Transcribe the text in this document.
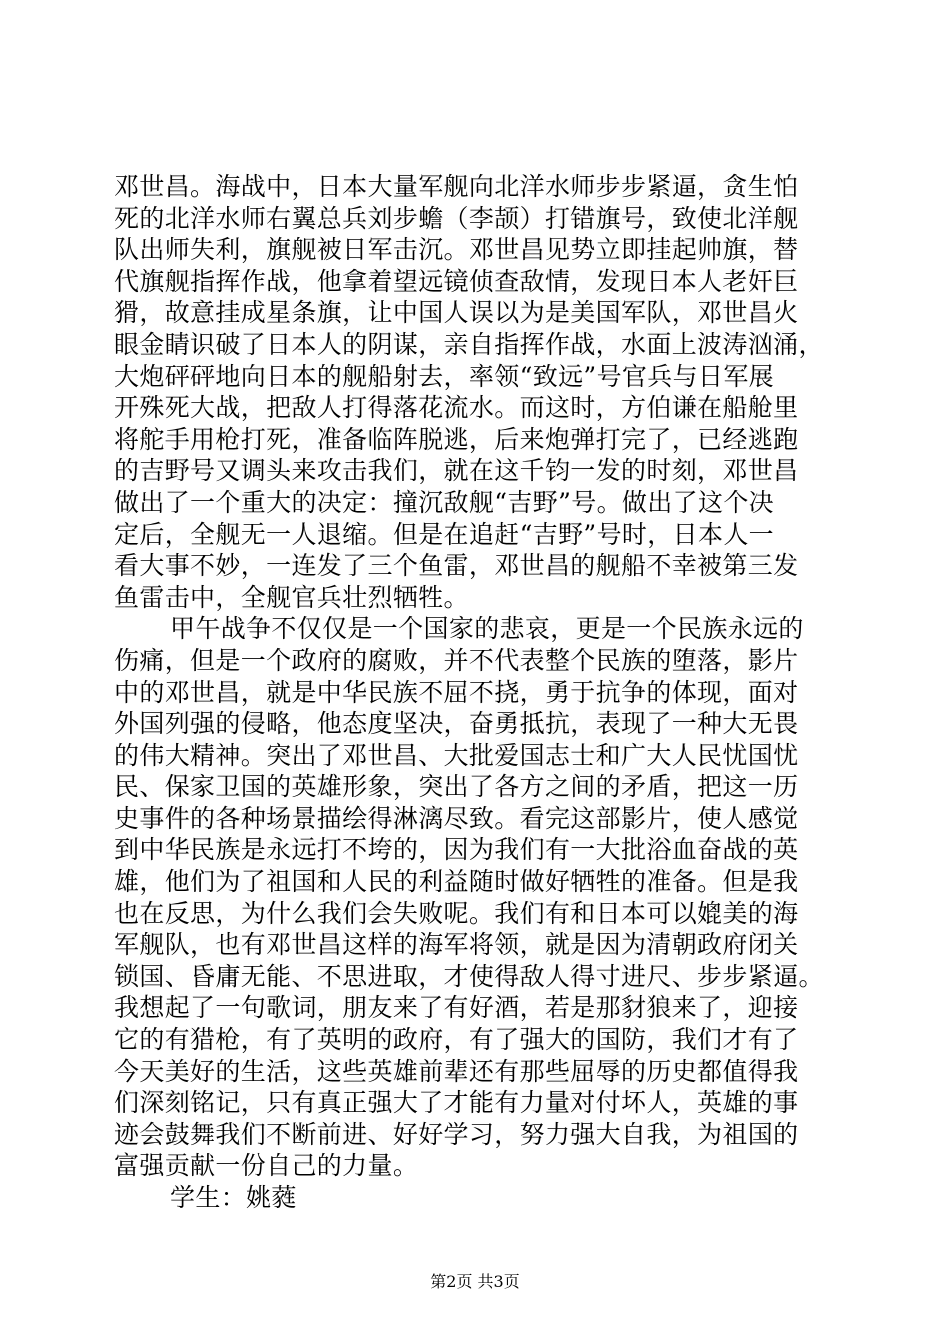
邓世昌。海战中，日本大量军舰向北洋水师步步紧逼，贪生怕
死的北洋水师右翼总兵刘步蟾（李颉）打错旗号，致使北洋舰
队出师失利，旗舰被日军击沉。邓世昌见势立即挂起帅旗，替
代旗舰指挥作战，他拿着望远镜侦查敌情，发现日本人老奸巨
猾，故意挂成星条旗，让中国人误以为是美国军队，邓世昌火
眼金睛识破了日本人的阴谋，亲自指挥作战，水面上波涛汹涌，
大炮砰砰地向日本的舰船射去，率领“致远”号官兵与日军展
开殊死大战，把敌人打得落花流水。而这时，方伯谦在船舱里
将舵手用枪打死，准备临阵脱逃，后来炮弹打完了，已经逃跑
的吉野号又调头来攻击我们，就在这千钧一发的时刻，邓世昌
做出了一个重大的决定：撞沉敌舰“吉野”号。做出了这个决
定后，全舰无一人退缩。但是在追赶“吉野”号时，日本人一
看大事不妙，一连发了三个鱼雷，邓世昌的舰船不幸被第三发
鱼雷击中，全舰官兵壮烈牺牲。
甲午战争不仅仅是一个国家的悲哀，更是一个民族永远的
伤痛，但是一个政府的腐败，并不代表整个民族的堕落，影片
中的邓世昌，就是中华民族不屈不挠，勇于抗争的体现，面对
外国列强的侵略，他态度坚决，奋勇抵抗，表现了一种大无畏
的伟大精神。突出了邓世昌、大批爱国志士和广大人民忧国忧
民、保家卫国的英雄形象，突出了各方之间的矛盾，把这一历
史事件的各种场景描绘得淋漓尽致。看完这部影片，使人感觉
到中华民族是永远打不垮的，因为我们有一大批浴血奋战的英
雄，他们为了祖国和人民的利益随时做好牺牲的准备。但是我
也在反思，为什么我们会失败呢。我们有和日本可以媲美的海
军舰队，也有邓世昌这样的海军将领，就是因为清朝政府闭关
锁国、昏庸无能、不思进取，才使得敌人得寸进尺、步步紧逼。
我想起了一句歌词，朋友来了有好酒，若是那豺狼来了，迎接
它的有猎枪，有了英明的政府，有了强大的国防，我们才有了
今天美好的生活，这些英雄前辈还有那些屈辱的历史都值得我
们深刻铭记，只有真正强大了才能有力量对付坏人，英雄的事
迹会鼓舞我们不断前进、好好学习，努力强大自我，为祖国的
富强贡献一份自己的力量。
学生：姚蕤
第2页 共3页
